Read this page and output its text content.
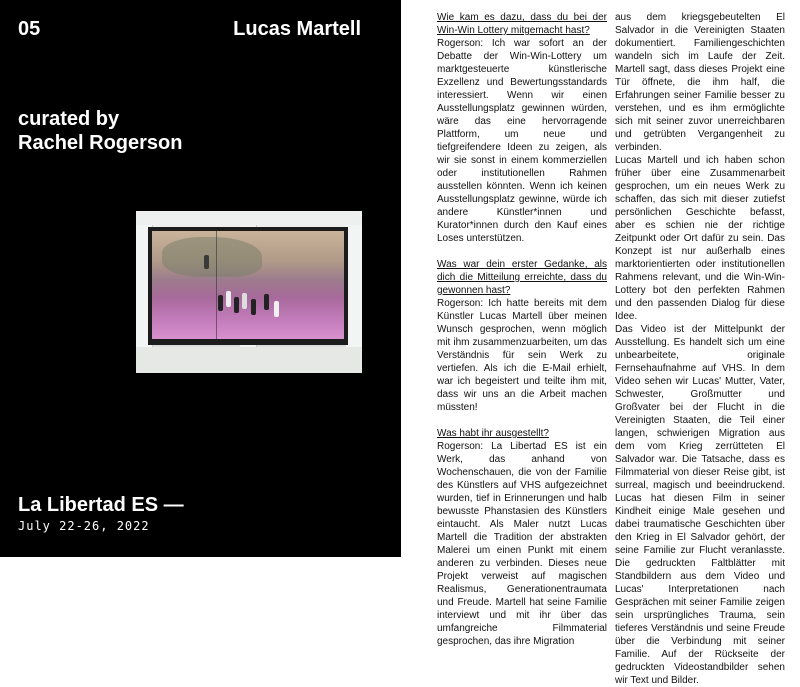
05	Lucas Martell
curated by
Rachel Rogerson
La Libertad ES —
July 22-26, 2022

Wie kam es dazu, dass du bei der Win-Win Lottery mitgemacht hast?

Rogerson: Ich war sofort an der Debatte der Win-Win-Lottery um marktgesteuerte künstlerische Exzellenz und Bewertungsstandards interessiert. Wenn wir einen Ausstellungsplatz gewinnen würden, wäre das eine hervorragende Plattform, um neue und tiefgreifendere Ideen zu zeigen, als wir sie sonst in einem kommerziellen oder institutionellen Rahmen ausstellen könnten. Wenn ich keinen Ausstellungsplatz gewinne, würde ich andere Künstler*innen und Kurator*innen durch den Kauf eines Loses unterstützen.

Was war dein erster Gedanke, als dich die Mitteilung erreichte, dass du gewonnen hast?

Rogerson: Ich hatte bereits mit dem Künstler Lucas Martell über meinen Wunsch gesprochen, wenn möglich mit ihm zusammenzuarbeiten, um das Verständnis für sein Werk zu vertiefen. Als ich die E-Mail erhielt, war ich begeistert und teilte ihm mit, dass wir uns an die Arbeit machen müssten!

Was habt ihr ausgestellt?

Rogerson: La Libertad ES ist ein Werk, das anhand von Wochenschauen, die von der Familie des Künstlers auf VHS aufgezeichnet wurden, tief in Erinnerungen und halb bewusste Phanstasien des Künstlers eintaucht. Als Maler nutzt Lucas Martell die Tradition der abstrakten Malerei um einen Punkt mit einem anderen zu verbinden. Dieses neue Projekt verweist auf magischen Realismus, Generationentraumata und Freude. Martell hat seine Familie interviewt und mit ihr über das umfangreiche Filmmaterial gesprochen, das ihre Migration

aus dem kriegsgebeutelten El Salvador in die Vereinigten Staaten dokumentiert. Familiengeschichten wandeln sich im Laufe der Zeit. Martell sagt, dass dieses Projekt eine Tür öffnete, die ihm half, die Erfahrungen seiner Familie besser zu verstehen, und es ihm ermöglichte sich mit seiner zuvor unerreichbaren und getrübten Vergangenheit zu verbinden.

Lucas Martell und ich haben schon früher über eine Zusammenarbeit gesprochen, um ein neues Werk zu schaffen, das sich mit dieser zutiefst persönlichen Geschichte befasst, aber es schien nie der richtige Zeitpunkt oder Ort dafür zu sein. Das Konzept ist nur außerhalb eines marktorientierten oder institutionellen Rahmens relevant, und die Win-Win-Lottery bot den perfekten Rahmen und den passenden Dialog für diese Idee.

Das Video ist der Mittelpunkt der Ausstellung. Es handelt sich um eine unbearbeitete, originale Fernsehaufnahme auf VHS. In dem Video sehen wir Lucas' Mutter, Vater, Schwester, Großmutter und Großvater bei der Flucht in die Vereinigten Staaten, die Teil einer langen, schwierigen Migration aus dem vom Krieg zerrütteten El Salvador war. Die Tatsache, dass es Filmmaterial von dieser Reise gibt, ist surreal, magisch und beeindruckend. Lucas hat diesen Film in seiner Kindheit einige Male gesehen und dabei traumatische Geschichten über den Krieg in El Salvador gehört, der seine Familie zur Flucht veranlasste. Die gedruckten Faltblätter mit Standbildern aus dem Video und Lucas' Interpretationen nach Gesprächen mit seiner Familie zeigen sein ursprüngliches Trauma, sein tieferes Verständnis und seine Freude über die Verbindung mit seiner Familie. Auf der Rückseite der gedruckten Videostandbilder sehen wir Text und Bilder.
